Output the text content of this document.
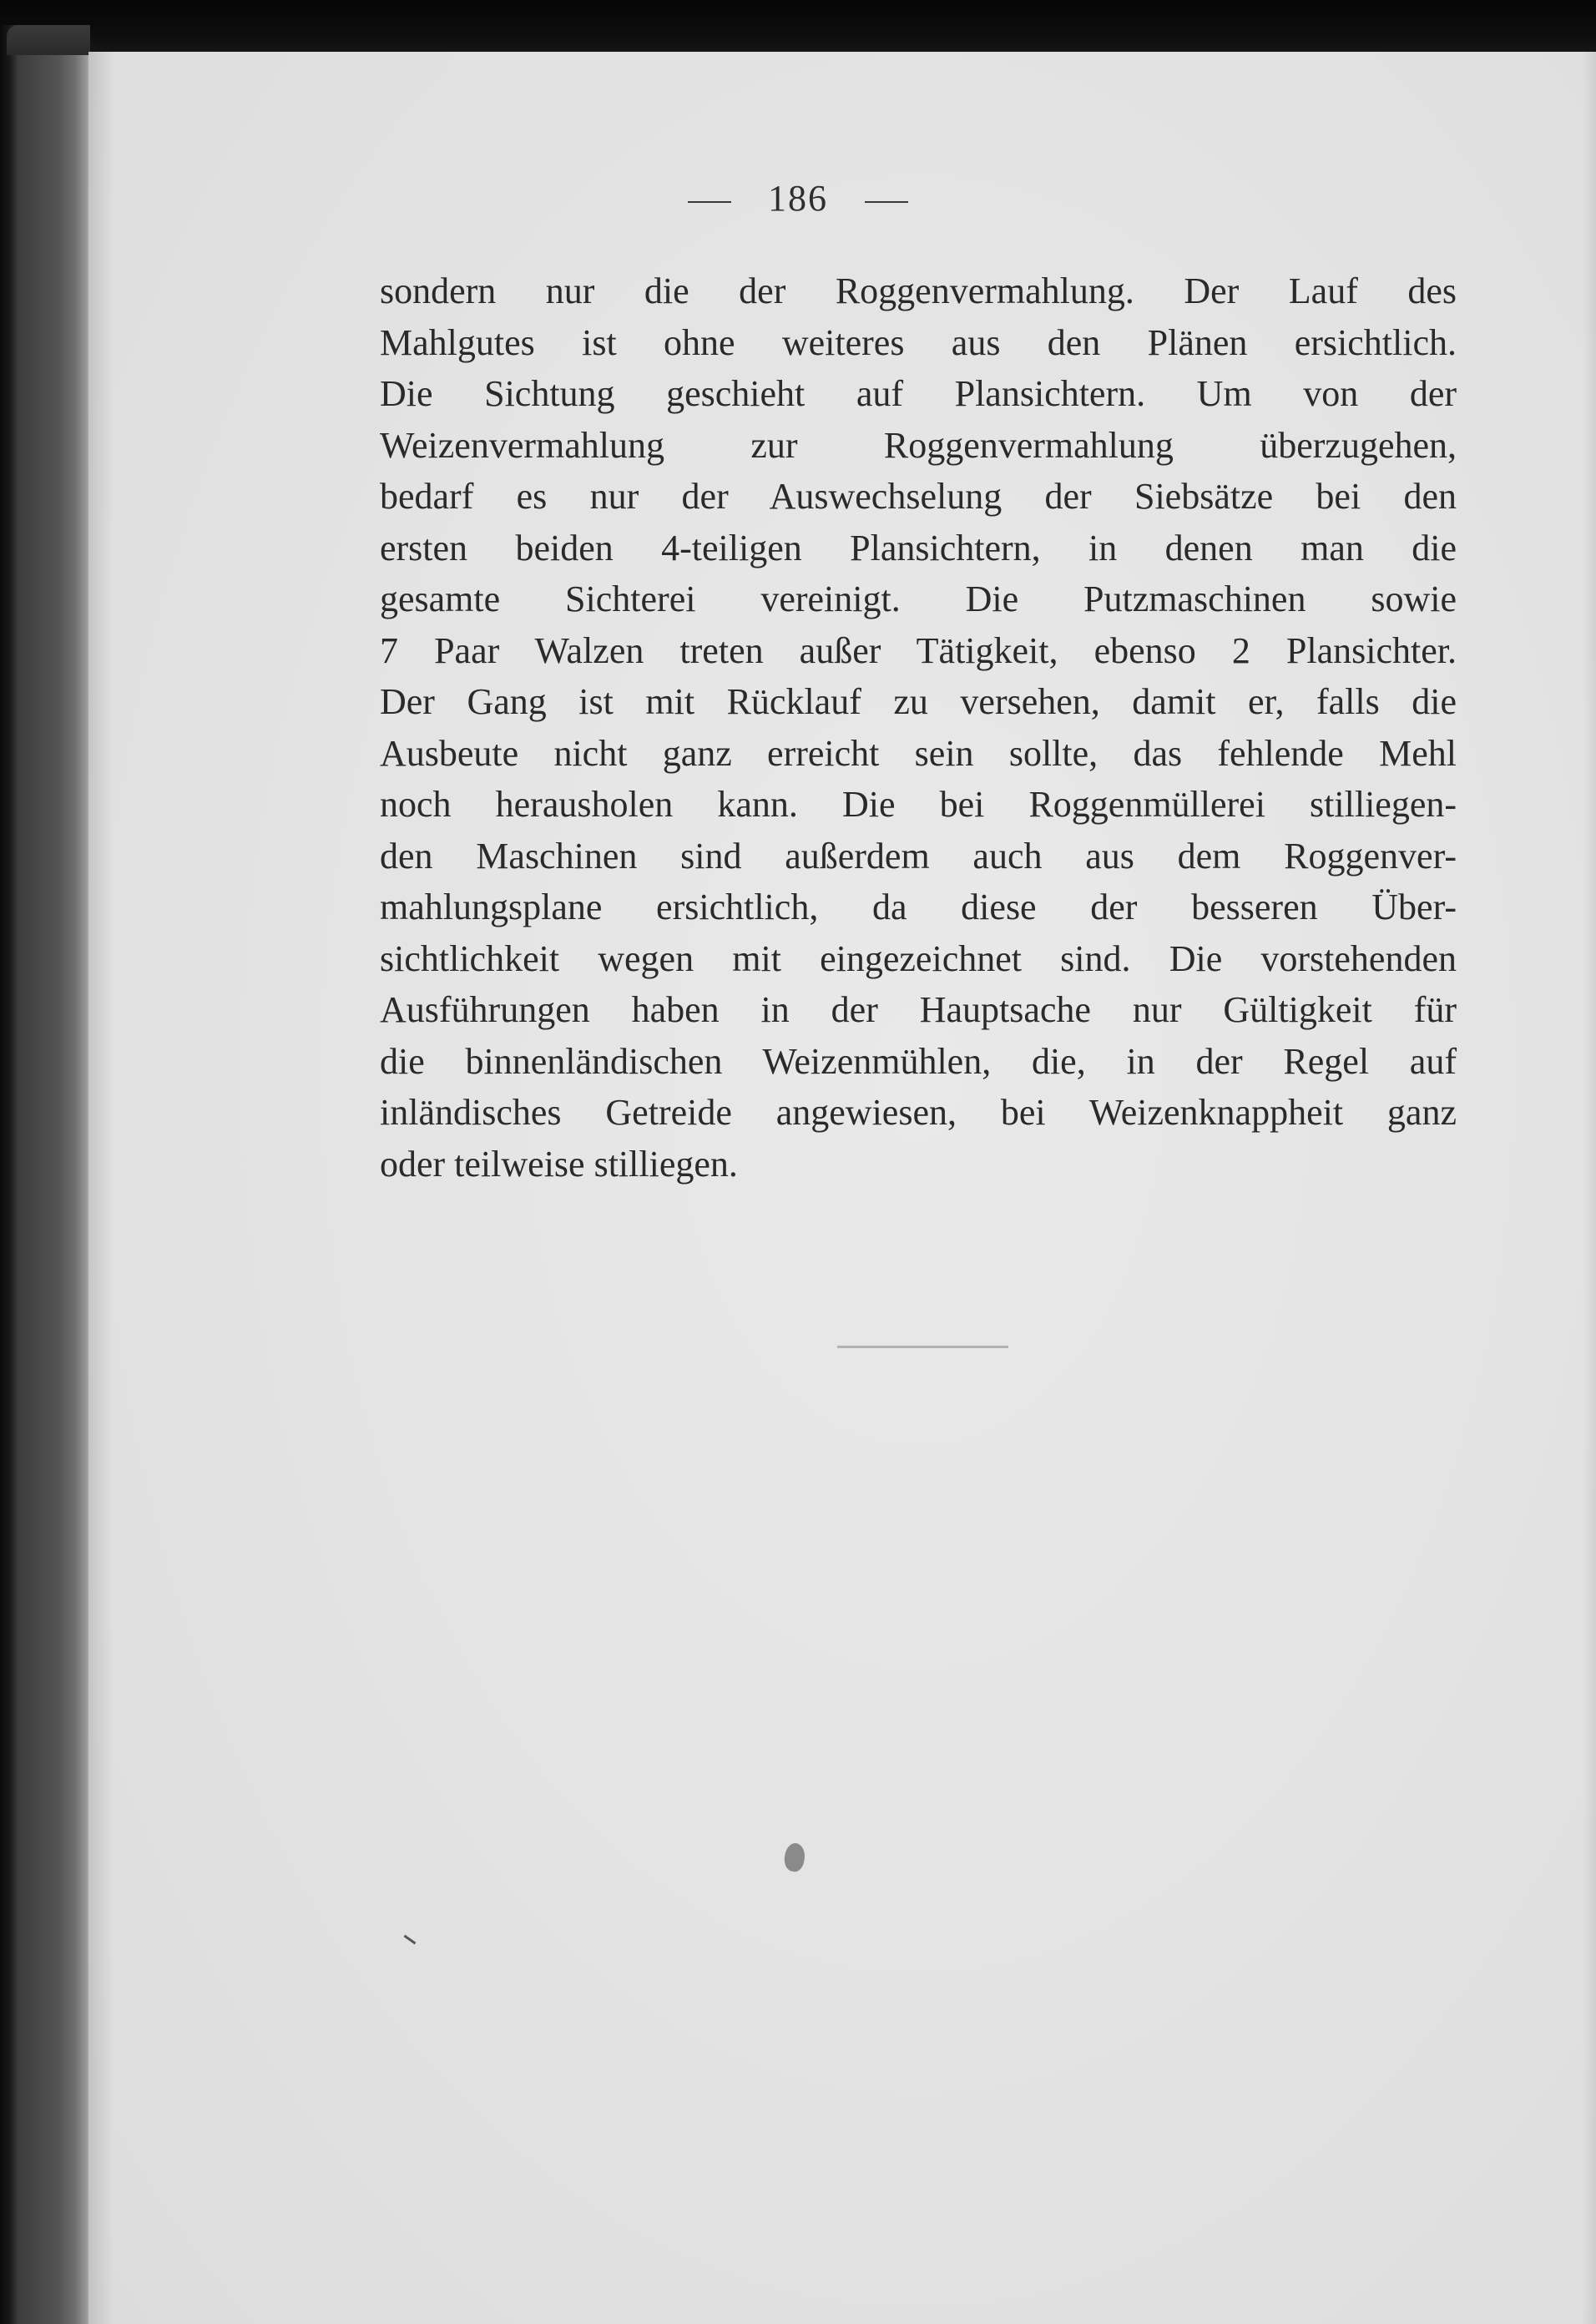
186
sondern nur die der Roggenvermahlung. Der Lauf des
Mahlgutes ist ohne weiteres aus den Plänen ersichtlich.
Die Sichtung geschieht auf Plansichtern. Um von der
Weizenvermahlung zur Roggenvermahlung überzugehen,
bedarf es nur der Auswechselung der Siebsätze bei den
ersten beiden 4-teiligen Plansichtern, in denen man die
gesamte Sichterei vereinigt. Die Putzmaschinen sowie
7 Paar Walzen treten außer Tätigkeit, ebenso 2 Plansichter.
Der Gang ist mit Rücklauf zu versehen, damit er, falls die
Ausbeute nicht ganz erreicht sein sollte, das fehlende Mehl
noch herausholen kann. Die bei Roggenmüllerei stilliegen-
den Maschinen sind außerdem auch aus dem Roggenver-
mahlungsplane ersichtlich, da diese der besseren Über-
sichtlichkeit wegen mit eingezeichnet sind. Die vorstehenden
Ausführungen haben in der Hauptsache nur Gültigkeit für
die binnenländischen Weizenmühlen, die, in der Regel auf
inländisches Getreide angewiesen, bei Weizenknappheit ganz
oder teilweise stilliegen.
